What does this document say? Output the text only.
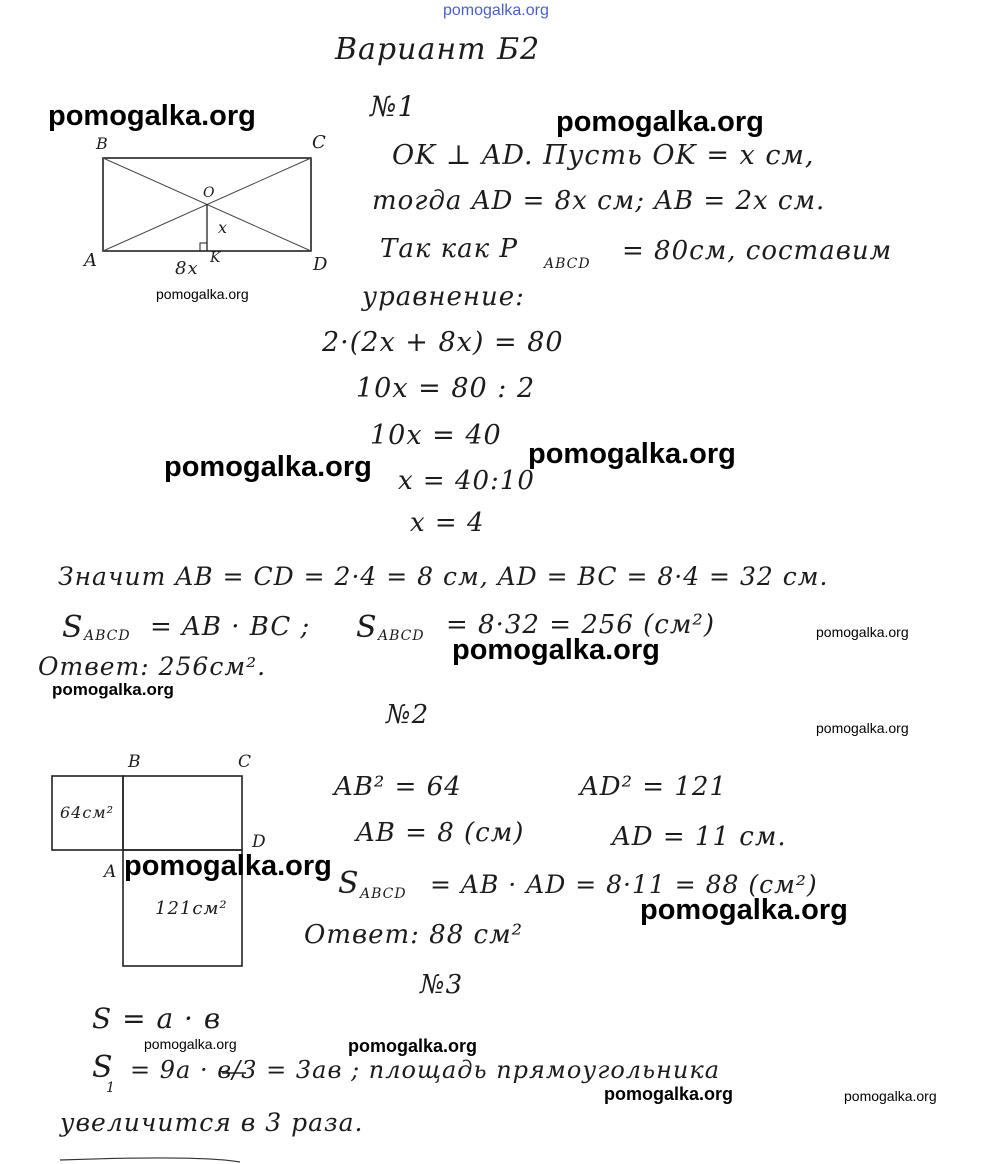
pomogalka.org
Вариант Б2
№1
B	C
A	D
O
K
x
8x
OK ⊥ AD. Пусть OK = x см,
тогда AD = 8x см; AB = 2x см.
Так как P ABCD = 80см, составим
уравнение:
2·(2x + 8x) = 80
10x = 80 : 2
10x = 40
x = 40:10
x = 4
Значит AB = CD = 2·4 = 8 см, AD = BC = 8·4 = 32 см.
S ABCD = AB · BC ; S ABCD = 8·32 = 256 (см²)
Ответ: 256см².
№2
B	C
A
D
64см²
121см²
AB² = 64	AD² = 121
AB = 8 (см)	AD = 11 см.
S ABCD = AB · AD = 8·11 = 88 (см²)
Ответ: 88 см²
№3
S = a · в
S
1
= 9a · в/3 = 3aв ; площадь прямоугольника
увеличится в 3 раза.
pomogalka.org	pomogalka.org
pomogalka.org
pomogalka.org	pomogalka.org
pomogalka.org
pomogalka.org
pomogalka.org
pomogalka.org
pomogalka.org
pomogalka.org
pomogalka.org	pomogalka.org
pomogalka.org	pomogalka.org
